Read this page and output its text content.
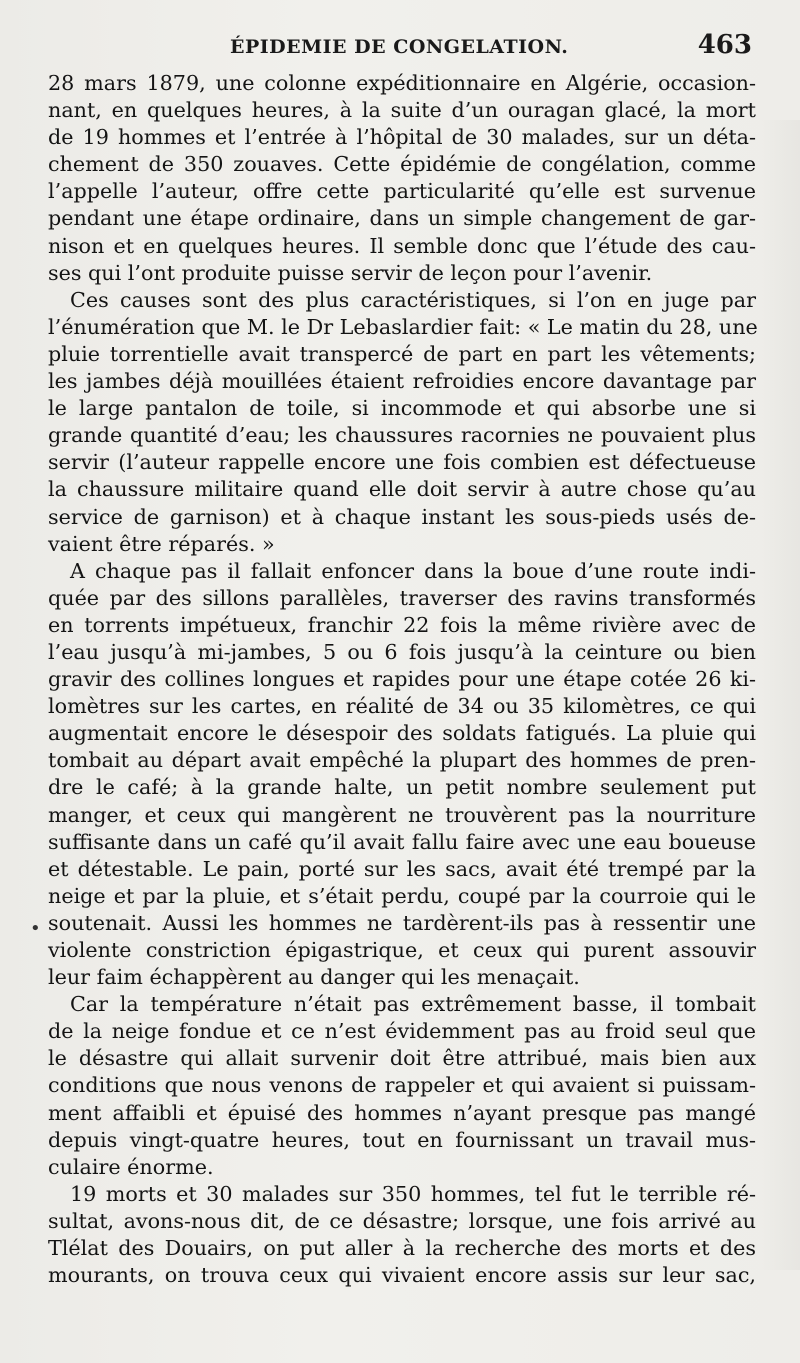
ÉPIDEMIE DE CONGELATION.	463
28 mars 1879, une colonne expéditionnaire en Algérie, occasion-
nant, en quelques heures, à la suite d’un ouragan glacé, la mort
de 19 hommes et l’entrée à l’hôpital de 30 malades, sur un déta-
chement de 350 zouaves. Cette épidémie de congélation, comme
l’appelle l’auteur, offre cette particularité qu’elle est survenue
pendant une étape ordinaire, dans un simple changement de gar-
nison et en quelques heures. Il semble donc que l’étude des cau-
ses qui l’ont produite puisse servir de leçon pour l’avenir.
Ces causes sont des plus caractéristiques, si l’on en juge par
l’énumération que M. le Dr Lebaslardier fait: « Le matin du 28, une
pluie torrentielle avait transpercé de part en part les vêtements;
les jambes déjà mouillées étaient refroidies encore davantage par
le large pantalon de toile, si incommode et qui absorbe une si
grande quantité d’eau; les chaussures racornies ne pouvaient plus
servir (l’auteur rappelle encore une fois combien est défectueuse
la chaussure militaire quand elle doit servir à autre chose qu’au
service de garnison) et à chaque instant les sous-pieds usés de-
vaient être réparés. »
A chaque pas il fallait enfoncer dans la boue d’une route indi-
quée par des sillons parallèles, traverser des ravins transformés
en torrents impétueux, franchir 22 fois la même rivière avec de
l’eau jusqu’à mi-jambes, 5 ou 6 fois jusqu’à la ceinture ou bien
gravir des collines longues et rapides pour une étape cotée 26 ki-
lomètres sur les cartes, en réalité de 34 ou 35 kilomètres, ce qui
augmentait encore le désespoir des soldats fatigués. La pluie qui
tombait au départ avait empêché la plupart des hommes de pren-
dre le café; à la grande halte, un petit nombre seulement put
manger, et ceux qui mangèrent ne trouvèrent pas la nourriture
suffisante dans un café qu’il avait fallu faire avec une eau boueuse
et détestable. Le pain, porté sur les sacs, avait été trempé par la
neige et par la pluie, et s’était perdu, coupé par la courroie qui le
soutenait. Aussi les hommes ne tardèrent-ils pas à ressentir une
violente constriction épigastrique, et ceux qui purent assouvir
leur faim échappèrent au danger qui les menaçait.
Car la température n’était pas extrêmement basse, il tombait
de la neige fondue et ce n’est évidemment pas au froid seul que
le désastre qui allait survenir doit être attribué, mais bien aux
conditions que nous venons de rappeler et qui avaient si puissam-
ment affaibli et épuisé des hommes n’ayant presque pas mangé
depuis vingt-quatre heures, tout en fournissant un travail mus-
culaire énorme.
19 morts et 30 malades sur 350 hommes, tel fut le terrible ré-
sultat, avons-nous dit, de ce désastre; lorsque, une fois arrivé au
Tlélat des Douairs, on put aller à la recherche des morts et des
mourants, on trouva ceux qui vivaient encore assis sur leur sac,
•
